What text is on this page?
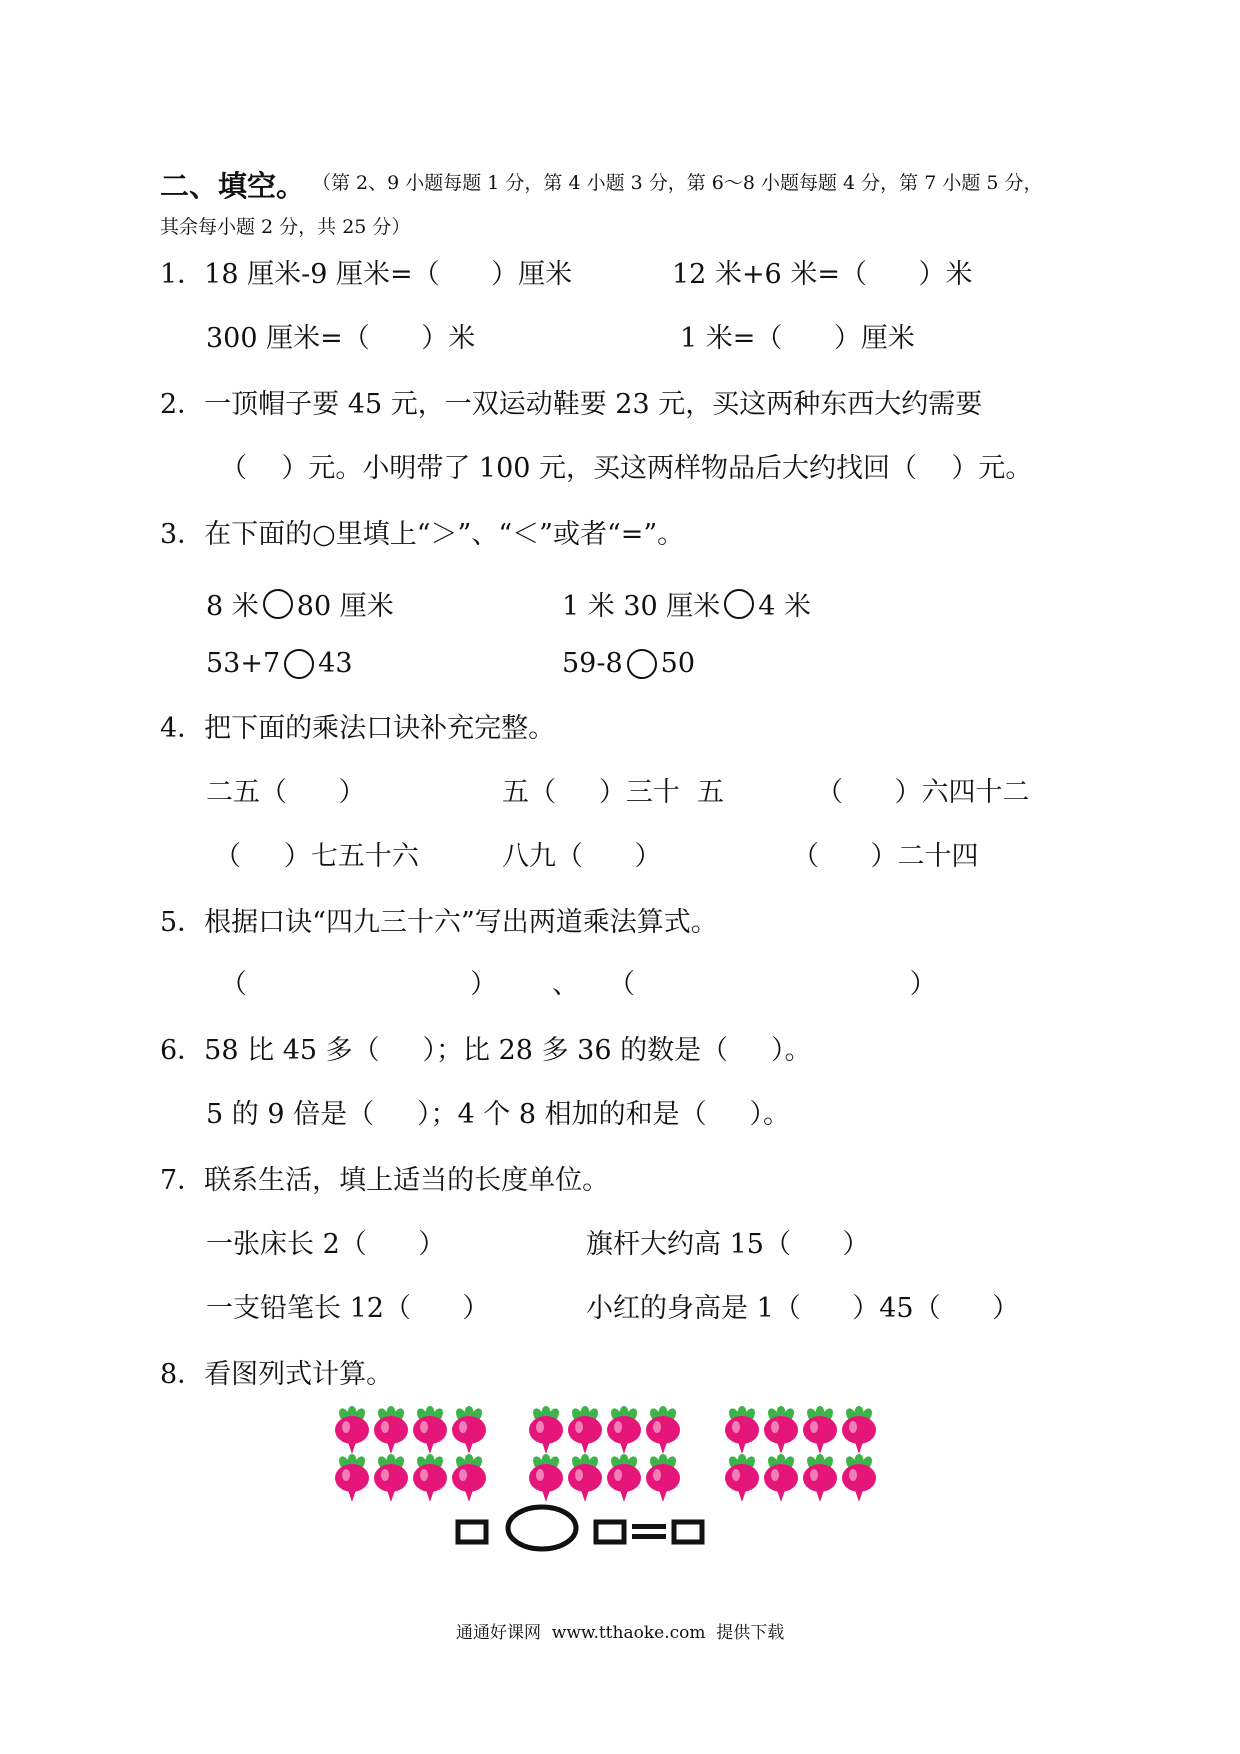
二、填空。 （第 2、9 小题每题 1 分，第 4 小题 3 分，第 6～8 小题每题 4 分，第 7 小题 5 分，
其余每小题 2 分，共 25 分）
1．18 厘米-9 厘米=（      ）厘米	12 米+6 米=（      ）米
300 厘米=（      ）米	1 米=（      ）厘米
2．一顶帽子要 45 元，一双运动鞋要 23 元，买这两种东西大约需要
（    ）元。小明带了 100 元，买这两样物品后大约找回（    ）元。
3．在下面的○里填上“＞”、“＜”或者“=”。
8 米 80 厘米	1 米 30 厘米 4 米
53+7 43	59-8 50
4．把下面的乘法口诀补充完整。
二五（      ）	五（     ）三十  五	（      ）六四十二
（     ）七五十六	八九（      ）	（      ）二十四
5．根据口诀“四九三十六”写出两道乘法算式。
（                          ） 、 （                                ）
6．58 比 45 多（     ）；比 28 多 36 的数是（     ）。
5 的 9 倍是（     ）；4 个 8 相加的和是（     ）。
7．联系生活，填上适当的长度单位。
一张床长 2（      ）	旗杆大约高 15（      ）
一支铅笔长 12（      ）	小红的身高是 1（      ）45（      ）
8．看图列式计算。
通通好课网  www.tthaoke.com  提供下载
